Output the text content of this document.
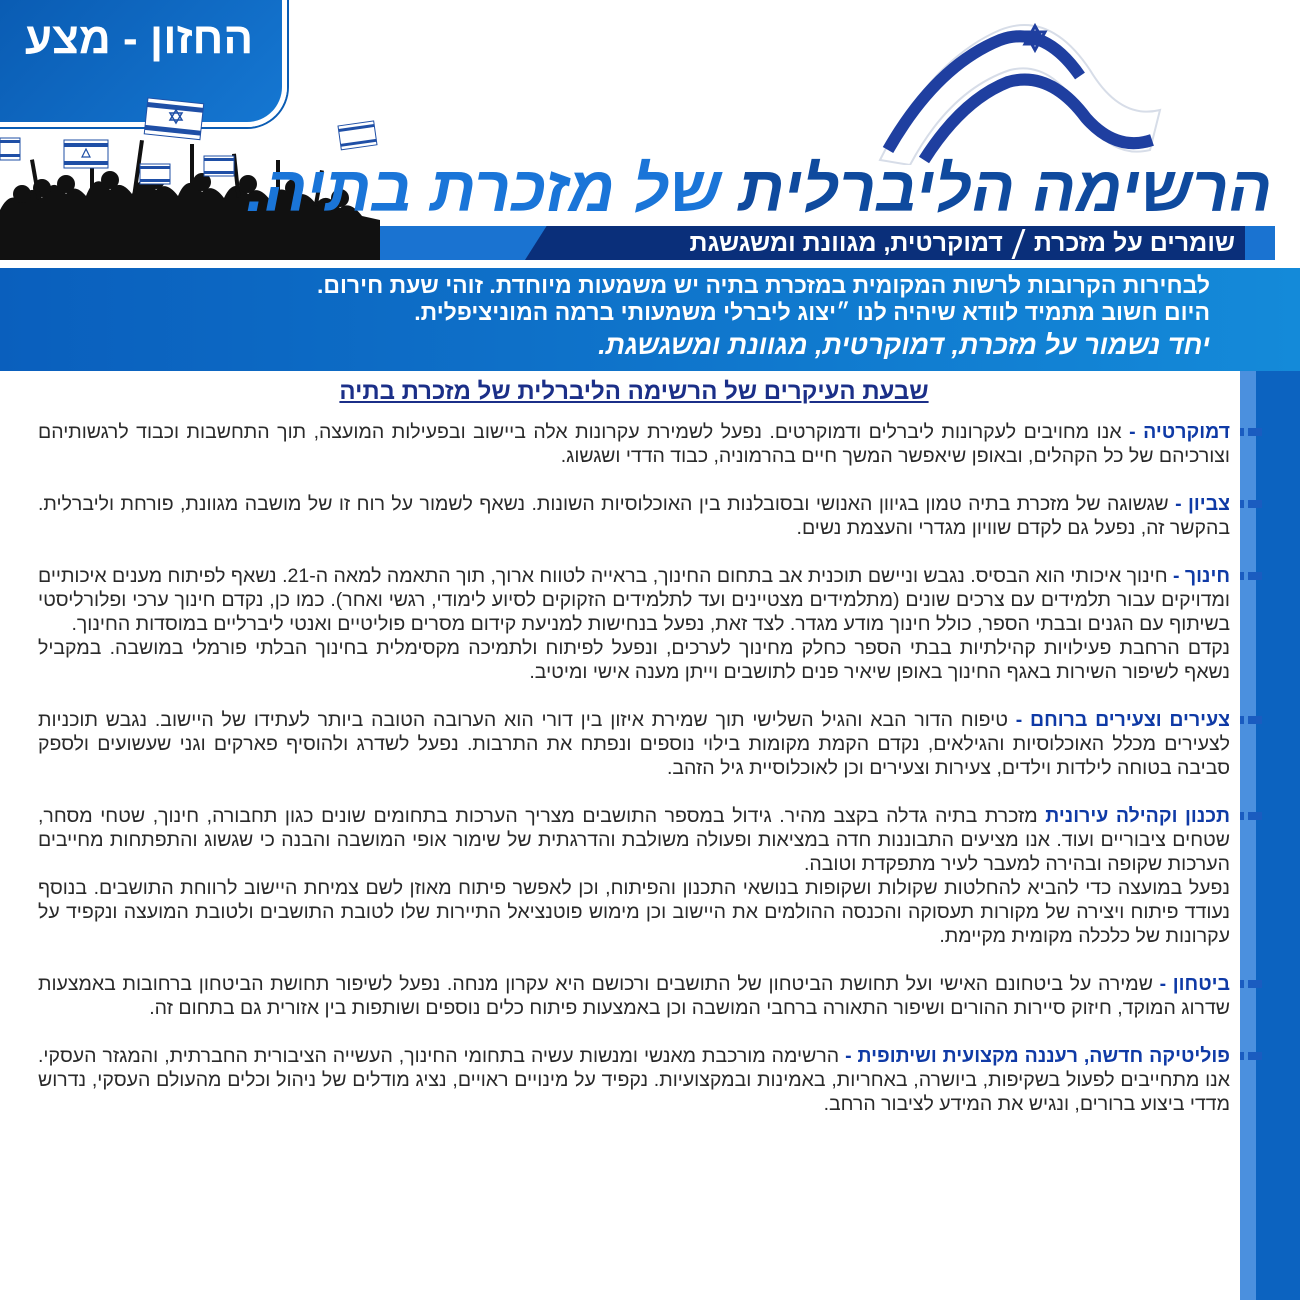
החזון - מצע
הרשימה הליברלית של מזכרת בתיה.
שומרים על מזכרתדמוקרטית, מגוונת ומשגשגת

לבחירות הקרובות לרשות המקומית במזכרת בתיה יש משמעות מיוחדת. זוהי שעת חירום.

היום חשוב מתמיד לוודא שיהיה לנו ״יצוג ליברלי משמעותי ברמה המוניציפלית.

יחד נשמור על מזכרת, דמוקרטית, מגוונת ומשגשגת.

שבעת העיקרים של הרשימה הליברלית של מזכרת בתיה

דמוקרטיה - אנו מחויבים לעקרונות ליברלים ודמוקרטים. נפעל לשמירת עקרונות אלה ביישוב ובפעילות המועצה, תוך התחשבות וכבוד לרגשותיהם וצורכיהם של כל הקהלים, ובאופן שיאפשר המשך חיים בהרמוניה, כבוד הדדי ושגשוג.

צביון - שגשוגה של מזכרת בתיה טמון בגיוון האנושי ובסובלנות בין האוכלוסיות השונות. נשאף לשמור על רוח זו של מושבה מגוונת, פורחת וליברלית. בהקשר זה, נפעל גם לקדם שוויון מגדרי והעצמת נשים.

חינוך - חינוך איכותי הוא הבסיס. נגבש וניישם תוכנית אב בתחום החינוך, בראייה לטווח ארוך, תוך התאמה למאה ה-21. נשאף לפיתוח מענים איכותיים ומדויקים עבור תלמידים עם צרכים שונים (מתלמידים מצטיינים ועד לתלמידים הזקוקים לסיוע לימודי, רגשי ואחר). כמו כן, נקדם חינוך ערכי ופלורליסטי בשיתוף עם הגנים ובבתי הספר, כולל חינוך מודע מגדר. לצד זאת, נפעל בנחישות למניעת קידום מסרים פוליטיים ואנטי ליברליים במוסדות החינוך.

נקדם הרחבת פעילויות קהילתיות בבתי הספר כחלק מחינוך לערכים, ונפעל לפיתוח ולתמיכה מקסימלית בחינוך הבלתי פורמלי במושבה. במקביל נשאף לשיפור השירות באגף החינוך באופן שיאיר פנים לתושבים וייתן מענה אישי ומיטיב.

צעירים וצעירים ברוחם - טיפוח הדור הבא והגיל השלישי תוך שמירת איזון בין דורי הוא הערובה הטובה ביותר לעתידו של היישוב. נגבש תוכניות לצעירים מכלל האוכלוסיות והגילאים, נקדם הקמת מקומות בילוי נוספים ונפתח את התרבות. נפעל לשדרג ולהוסיף פארקים וגני שעשועים ולספק סביבה בטוחה לילדות וילדים, צעירות וצעירים וכן לאוכלוסיית גיל הזהב.

תכנון וקהילה עירונית מזכרת בתיה גדלה בקצב מהיר. גידול במספר התושבים מצריך הערכות בתחומים שונים כגון תחבורה, חינוך, שטחי מסחר, שטחים ציבוריים ועוד. אנו מציעים התבוננות חדה במציאות ופעולה משולבת והדרגתית של שימור אופי המושבה והבנה כי שגשוג והתפתחות מחייבים הערכות שקופה ובהירה למעבר לעיר מתפקדת וטובה.

נפעל במועצה כדי להביא להחלטות שקולות ושקופות בנושאי התכנון והפיתוח, וכן לאפשר פיתוח מאוזן לשם צמיחת היישוב לרווחת התושבים. בנוסף נעודד פיתוח ויצירה של מקורות תעסוקה והכנסה ההולמים את היישוב וכן מימוש פוטנציאל התיירות שלו לטובת התושבים ולטובת המועצה ונקפיד על עקרונות של כלכלה מקומית מקיימת.

ביטחון - שמירה על ביטחונם האישי ועל תחושת הביטחון של התושבים ורכושם היא עקרון מנחה. נפעל לשיפור תחושת הביטחון ברחובות באמצעות שדרוג המוקד, חיזוק סיירות ההורים ושיפור התאורה ברחבי המושבה וכן באמצעות פיתוח כלים נוספים ושותפות בין אזורית גם בתחום זה.

פוליטיקה חדשה, רעננה מקצועית ושיתופית - הרשימה מורכבת מאנשי ומנשות עשיה בתחומי החינוך, העשייה הציבורית החברתית, והמגזר העסקי. אנו מתחייבים לפעול בשקיפות, ביושרה, באחריות, באמינות ובמקצועיות. נקפיד על מינויים ראויים, נציג מודלים של ניהול וכלים מהעולם העסקי, נדרוש מדדי ביצוע ברורים, ונגיש את המידע לציבור הרחב.
